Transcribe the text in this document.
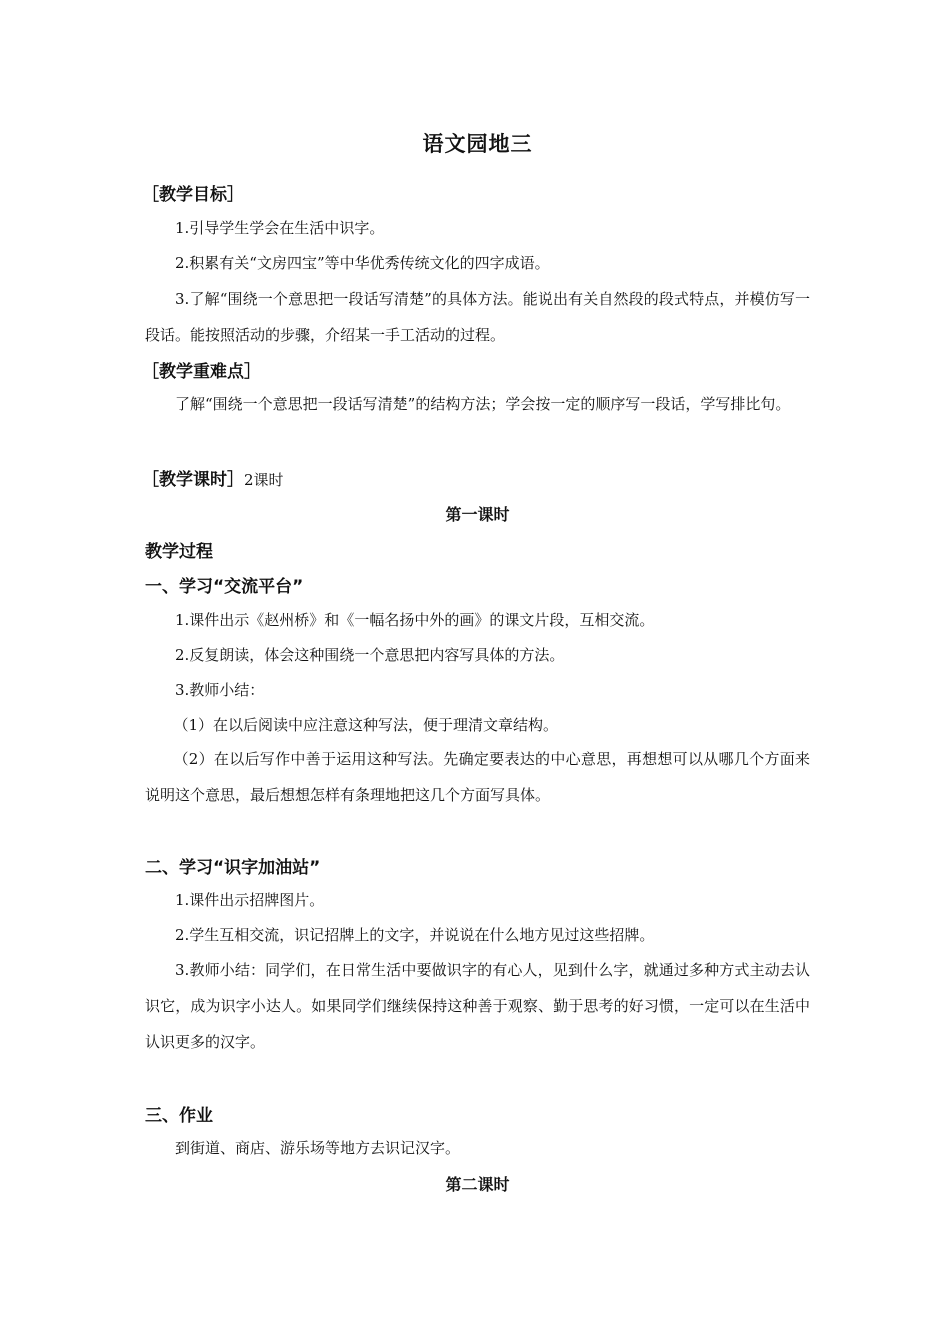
语文园地三
［教学目标］
1.引导学生学会在生活中识字。
2.积累有关“文房四宝”等中华优秀传统文化的四字成语。
3.了解“围绕一个意思把一段话写清楚”的具体方法。能说出有关自然段的段式特点，并模仿写一段话。能按照活动的步骤，介绍某一手工活动的过程。
［教学重难点］
了解“围绕一个意思把一段话写清楚”的结构方法；学会按一定的顺序写一段话，学写排比句。
［教学课时］2课时
第一课时
教学过程
一、学习“交流平台”
1.课件出示《赵州桥》和《一幅名扬中外的画》的课文片段，互相交流。
2.反复朗读，体会这种围绕一个意思把内容写具体的方法。
3.教师小结：
（1）在以后阅读中应注意这种写法，便于理清文章结构。
（2）在以后写作中善于运用这种写法。先确定要表达的中心意思，再想想可以从哪几个方面来说明这个意思，最后想想怎样有条理地把这几个方面写具体。
二、学习“识字加油站”
1.课件出示招牌图片。
2.学生互相交流，识记招牌上的文字，并说说在什么地方见过这些招牌。
3.教师小结：同学们，在日常生活中要做识字的有心人，见到什么字，就通过多种方式主动去认识它，成为识字小达人。如果同学们继续保持这种善于观察、勤于思考的好习惯，一定可以在生活中认识更多的汉字。
三、作业
到街道、商店、游乐场等地方去识记汉字。
第二课时
